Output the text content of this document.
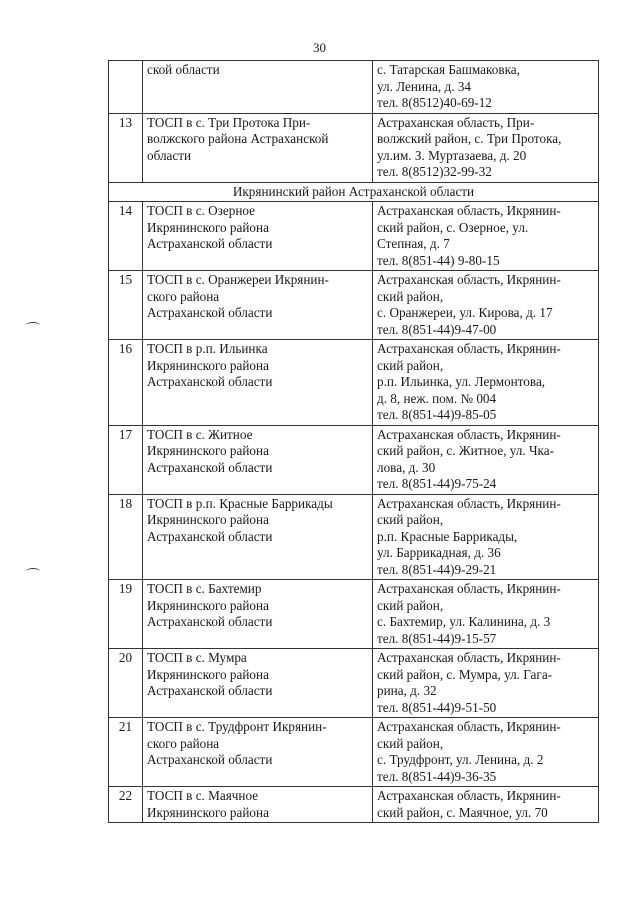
30

	ской области	с. Татарская Башмаковка,
ул. Ленина, д. 34
тел. 8(8512)40-69-12

13	ТОСП в с. Три Протока При-
волжского района Астраханской
области	Астраханская область, При-
волжский район, с. Три Протока,
ул.им. З. Муртазаева, д. 20
тел. 8(8512)32-99-32

Икрянинский район Астраханской области		
14	ТОСП в с. Озерное
Икрянинского района
Астраханской области	Астраханская область, Икрянин-
ский район, с. Озерное, ул.
Степная, д. 7
тел. 8(851-44) 9-80-15

15	ТОСП в с. Оранжереи Икрянин-
ского района
Астраханской области	Астраханская область, Икрянин-
ский район,
с. Оранжереи, ул. Кирова, д. 17
тел. 8(851-44)9-47-00

16	ТОСП в р.п. Ильинка
Икрянинского района
Астраханской области	Астраханская область, Икрянин-
ский район,
р.п. Ильинка, ул. Лермонтова,
д. 8, неж. пом. № 004
тел. 8(851-44)9-85-05

17	ТОСП в с. Житное
Икрянинского района
Астраханской области	Астраханская область, Икрянин-
ский район, с. Житное, ул. Чка-
лова, д. 30
тел. 8(851-44)9-75-24

18	ТОСП в р.п. Красные Баррикады
Икрянинского района
Астраханской области	Астраханская область, Икрянин-
ский район,
р.п. Красные Баррикады,
ул. Баррикадная, д. 36
тел. 8(851-44)9-29-21

19	ТОСП в с. Бахтемир
Икрянинского района
Астраханской области	Астраханская область, Икрянин-
ский район,
с. Бахтемир, ул. Калинина, д. 3
тел. 8(851-44)9-15-57

20	ТОСП в с. Мумра
Икрянинского района
Астраханской области	Астраханская область, Икрянин-
ский район, с. Мумра, ул. Гага-
рина, д. 32
тел. 8(851-44)9-51-50

21	ТОСП в с. Трудфронт Икрянин-
ского района
Астраханской области	Астраханская область, Икрянин-
ский район,
с. Трудфронт, ул. Ленина, д. 2
тел. 8(851-44)9-36-35

22	ТОСП в с. Маячное
Икрянинского района	Астраханская область, Икрянин-
ский район, с. Маячное, ул. 70
